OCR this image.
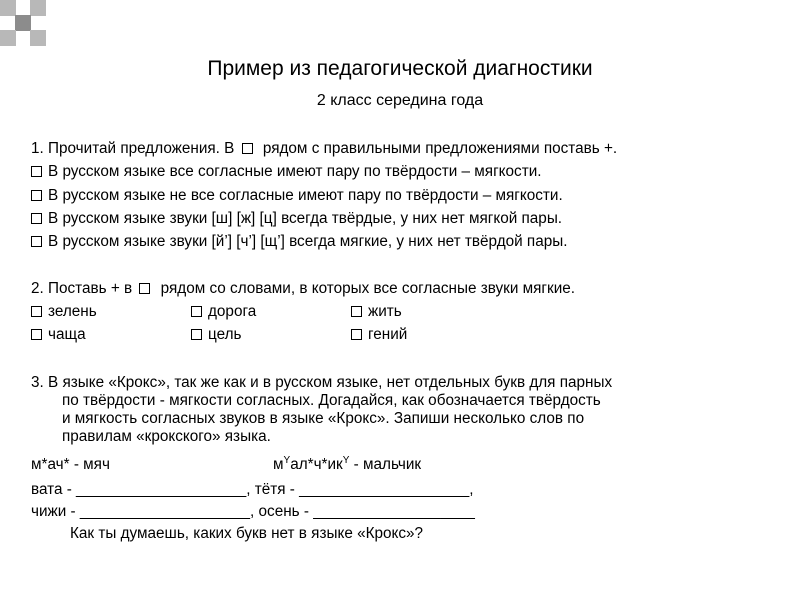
Пример из педагогической диагностики
2 класс середина года
1. Прочитай предложения. В рядом с правильными предложениями поставь +.
В русском языке все согласные имеют пару по твёрдости – мягкости.
В русском языке не все согласные имеют пару по твёрдости – мягкости.
В русском языке звуки [ш] [ж] [ц] всегда твёрдые, у них нет мягкой пары.
В русском языке звуки [й’] [ч’] [щ’] всегда мягкие, у них нет твёрдой пары.
2. Поставь + в рядом со словами, в которых все согласные звуки мягкие.
зелень	дорога	жить
чаща	цель	гений
3. В языке «Крокс», так же как и в русском языке, нет отдельных букв для парных
по твёрдости - мягкости согласных. Догадайся, как обозначается твёрдость
и мягкость согласных звуков в языке «Крокс». Запиши несколько слов по
правилам «крокского» языка.
м*ач* - мяч	$м^Yал*ч*ик^Y$ - мальчик
вата - ____________________, тётя - ____________________,
чижи - ____________________, осень - ___________________
Как ты думаешь, каких букв нет в языке «Крокс»?
